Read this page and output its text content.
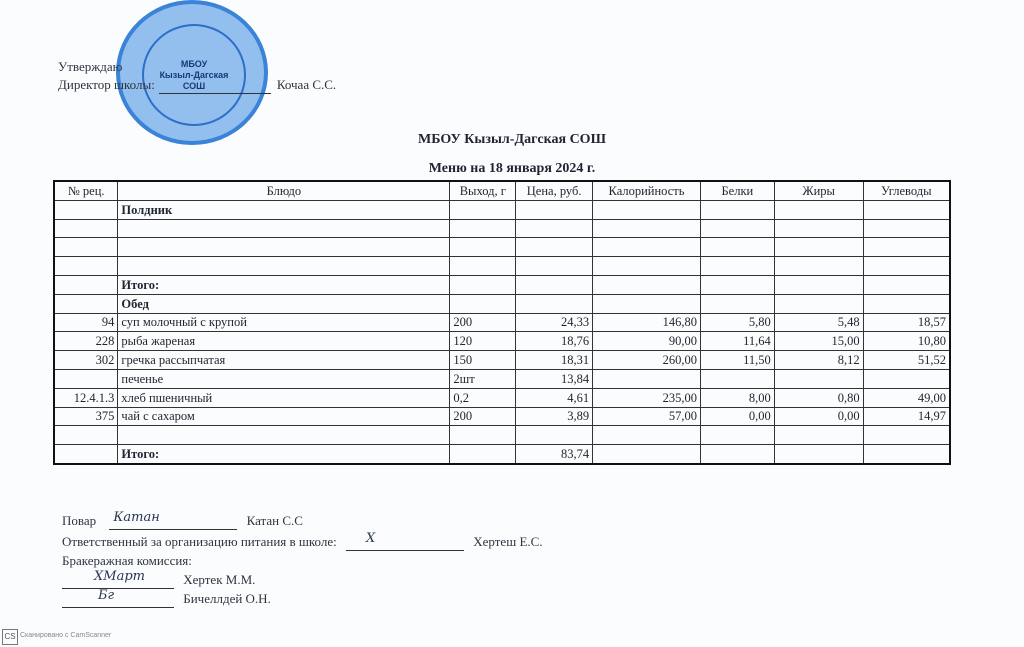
МБОУ
Кызыл-Дагская
СОШ
Утверждаю
Директор школы:	Кочаа С.С.
МБОУ Кызыл-Дагская СОШ
Меню на 18 января 2024 г.
№ рец.	Блюдо	Выход, г	Цена, руб.	Калорийность	Белки	Жиры	Углеводы
	Полдник						

	Итого:						
	Обед						
94	суп молочный с крупой	200	24,33	146,80	5,80	5,48	18,57
228	рыба жареная	120	18,76	90,00	11,64	15,00	10,80
302	гречка рассыпчатая	150	18,31	260,00	11,50	8,12	51,52
	печенье	2шт	13,84				
12.4.1.3	хлеб пшеничный	0,2	4,61	235,00	8,00	0,80	49,00
375	чай с сахаром	200	3,89	57,00	0,00	0,00	14,97

	Итого:		83,74				
Повар Катан	Катан С.С
Ответственный за организацию питания в школе: Х	Хертеш Е.С.
Бракеражная комиссия:
ХМарт	Хертек М.М.
Бг	Бичеллдей О.Н.
CS Сканировано с CamScanner
